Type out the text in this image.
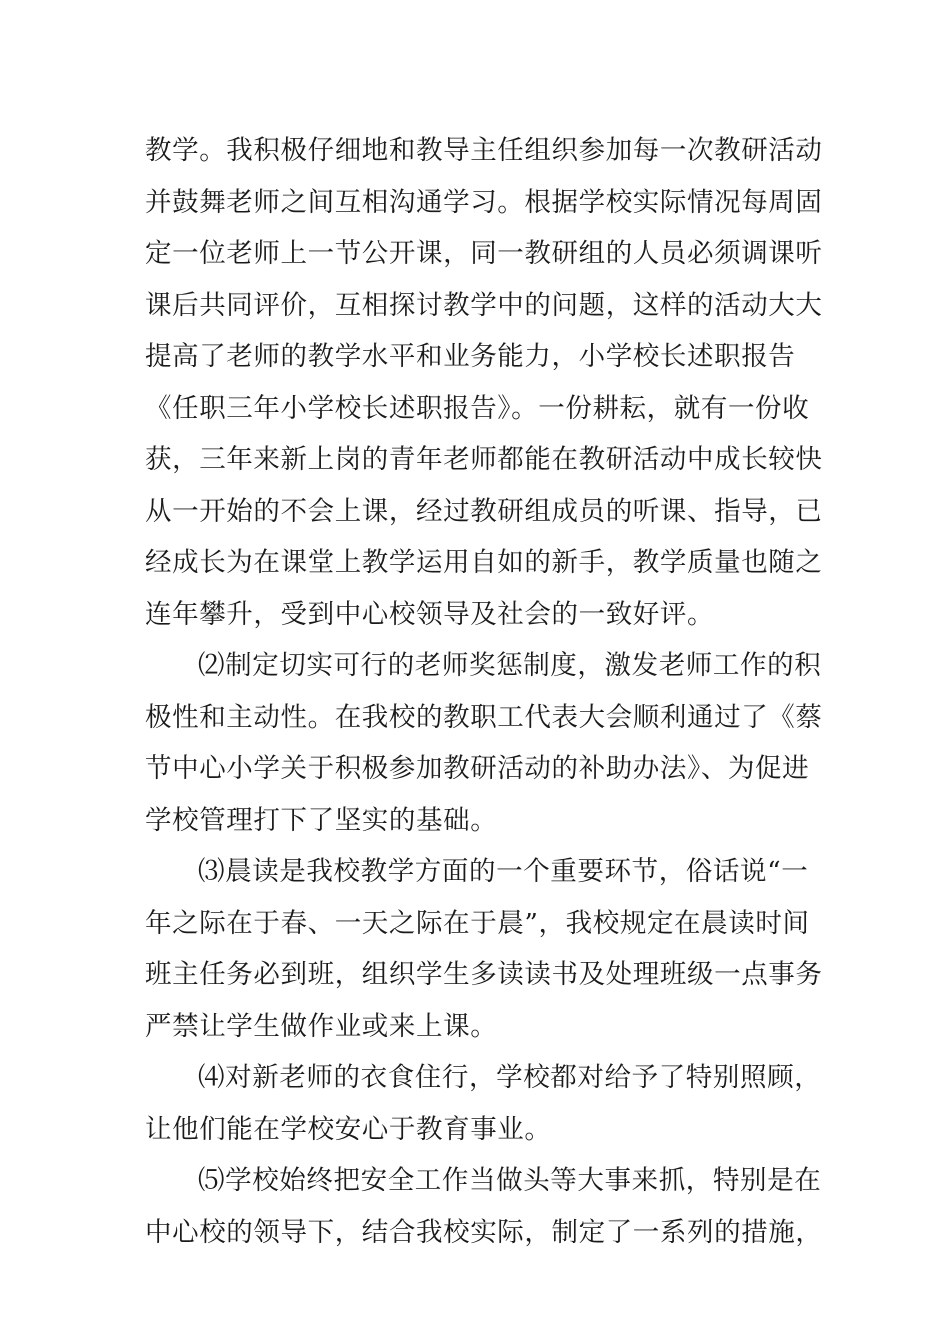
教学。我积极仔细地和教导主任组织参加每一次教研活动
并鼓舞老师之间互相沟通学习。根据学校实际情况每周固
定一位老师上一节公开课，同一教研组的人员必须调课听
课后共同评价，互相探讨教学中的问题，这样的活动大大
提高了老师的教学水平和业务能力，小学校长述职报告
《任职三年小学校长述职报告》。一份耕耘，就有一份收
获，三年来新上岗的青年老师都能在教研活动中成长较快
从一开始的不会上课，经过教研组成员的听课、指导，已
经成长为在课堂上教学运用自如的新手，教学质量也随之
连年攀升，受到中心校领导及社会的一致好评。
⑵制定切实可行的老师奖惩制度，激发老师工作的积
极性和主动性。在我校的教职工代表大会顺利通过了《蔡
节中心小学关于积极参加教研活动的补助办法》、为促进
学校管理打下了坚实的基础。
⑶晨读是我校教学方面的一个重要环节，俗话说“一
年之际在于春、一天之际在于晨”，我校规定在晨读时间
班主任务必到班，组织学生多读读书及处理班级一点事务
严禁让学生做作业或来上课。
⑷对新老师的衣食住行，学校都对给予了特别照顾，
让他们能在学校安心于教育事业。
⑸学校始终把安全工作当做头等大事来抓，特别是在
中心校的领导下，结合我校实际，制定了一系列的措施，
